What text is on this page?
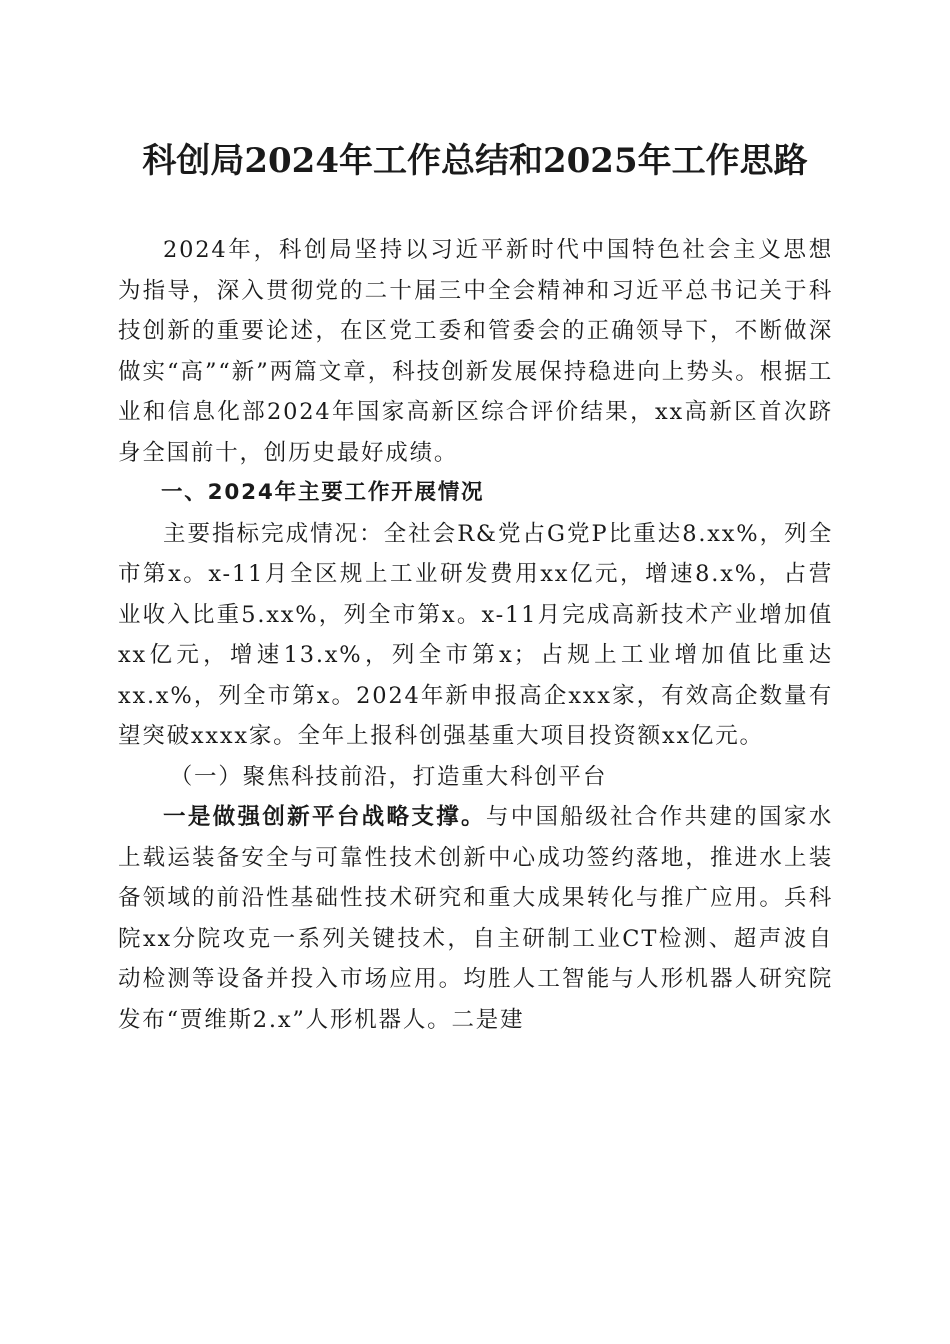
科创局2024年工作总结和2025年工作思路

2024年，科创局坚持以习近平新时代中国特色社会主义思想为指导，深入贯彻党的二十届三中全会精神和习近平总书记关于科技创新的重要论述，在区党工委和管委会的正确领导下，不断做深做实“高”“新”两篇文章，科技创新发展保持稳进向上势头。根据工业和信息化部2024年国家高新区综合评价结果，xx高新区首次跻身全国前十，创历史最好成绩。

一、2024年主要工作开展情况

主要指标完成情况：全社会R&党占G党P比重达8.xx%，列全市第x。x-11月全区规上工业研发费用xx亿元，增速8.x%，占营业收入比重5.xx%，列全市第x。x-11月完成高新技术产业增加值xx亿元，增速13.x%，列全市第x；占规上工业增加值比重达xx.x%，列全市第x。2024年新申报高企xxx家，有效高企数量有望突破xxxx家。全年上报科创强基重大项目投资额xx亿元。

（一）聚焦科技前沿，打造重大科创平台

一是做强创新平台战略支撑。与中国船级社合作共建的国家水上载运装备安全与可靠性技术创新中心成功签约落地，推进水上装备领域的前沿性基础性技术研究和重大成果转化与推广应用。兵科院xx分院攻克一系列关键技术，自主研制工业CT检测、超声波自动检测等设备并投入市场应用。均胜人工智能与人形机器人研究院发布“贾维斯2.x”人形机器人。二是建
